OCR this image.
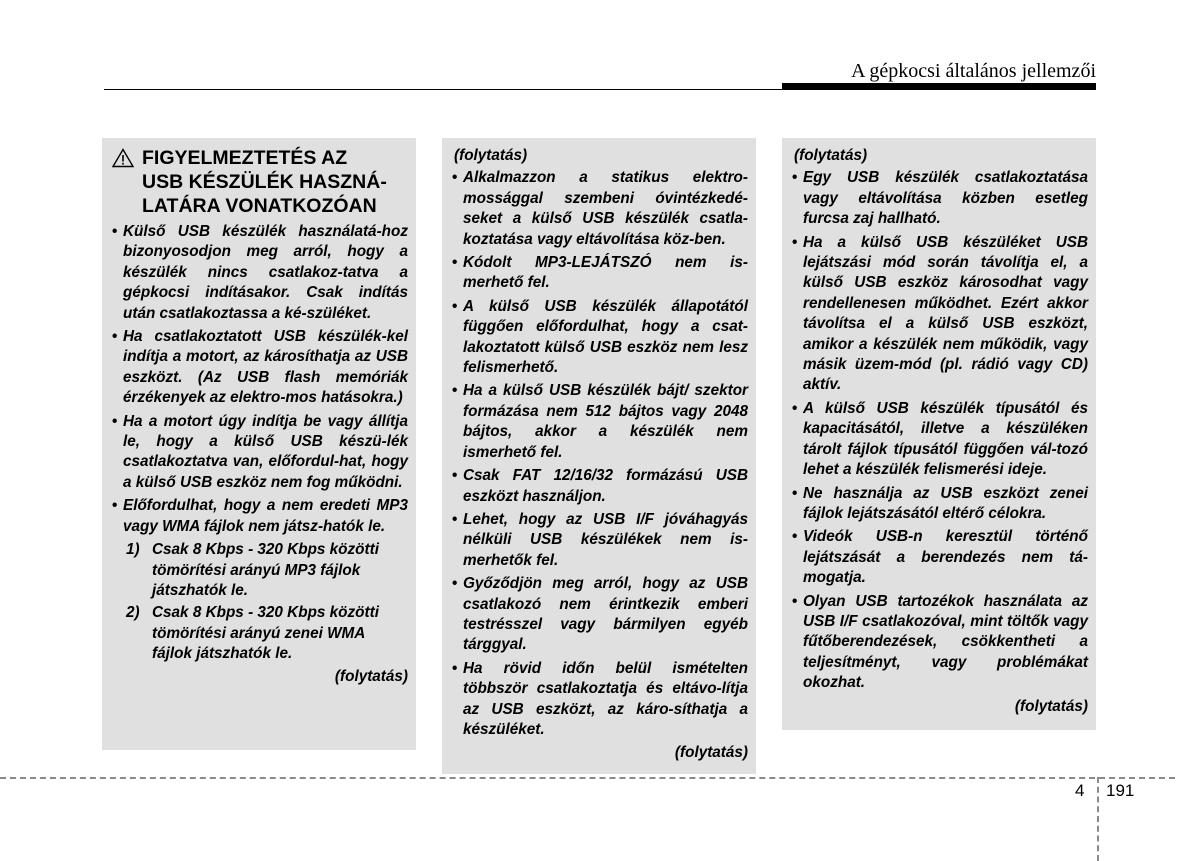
A gépkocsi általános jellemzői
FIGYELMEZTETÉS AZ
USB KÉSZÜLÉK HASZNÁ-
LATÁRA VONATKOZÓAN
• Külső USB készülék használatá-hoz bizonyosodjon meg arról, hogy a készülék nincs csatlakoz-tatva a gépkocsi indításakor. Csak indítás után csatlakoztassa a ké-szüléket.
• Ha csatlakoztatott USB készülék-kel indítja a motort, az károsíthatja az USB eszközt. (Az USB flash memóriák érzékenyek az elektro-mos hatásokra.)
• Ha a motort úgy indítja be vagy állítja le, hogy a külső USB készü-lék csatlakoztatva van, előfordul-hat, hogy a külső USB eszköz nem fog működni.
• Előfordulhat, hogy a nem eredeti MP3 vagy WMA fájlok nem játsz-hatók le.
1) Csak 8 Kbps - 320 Kbps közötti tömörítési arányú MP3 fájlok játszhatók le.
2) Csak 8 Kbps - 320 Kbps közötti tömörítési arányú zenei WMA fájlok játszhatók le.
(folytatás)
(folytatás)
• Alkalmazzon a statikus elektro-mossággal szembeni óvintézkedé-seket a külső USB készülék csatla-koztatása vagy eltávolítása köz-ben.
• Kódolt MP3-LEJÁTSZÓ nem is-merhető fel.
• A külső USB készülék állapotától függően előfordulhat, hogy a csat-lakoztatott külső USB eszköz nem lesz felismerhető.
• Ha a külső USB készülék bájt/ szektor formázása nem 512 bájtos vagy 2048 bájtos, akkor a készülék nem ismerhető fel.
• Csak FAT 12/16/32 formázású USB eszközt használjon.
• Lehet, hogy az USB I/F jóváhagyás nélküli USB készülékek nem is-merhetők fel.
• Győződjön meg arról, hogy az USB csatlakozó nem érintkezik emberi testrésszel vagy bármilyen egyéb tárggyal.
• Ha rövid időn belül ismételten többször csatlakoztatja és eltávo-lítja az USB eszközt, az káro-síthatja a készüléket.
(folytatás)
(folytatás)
• Egy USB készülék csatlakoztatása vagy eltávolítása közben esetleg furcsa zaj hallható.
• Ha a külső USB készüléket USB lejátszási mód során távolítja el, a külső USB eszköz károsodhat vagy rendellenesen működhet. Ezért akkor távolítsa el a külső USB eszközt, amikor a készülék nem működik, vagy másik üzem-mód (pl. rádió vagy CD) aktív.
• A külső USB készülék típusától és kapacitásától, illetve a készüléken tárolt fájlok típusától függően vál-tozó lehet a készülék felismerési ideje.
• Ne használja az USB eszközt zenei fájlok lejátszásától eltérő célokra.
• Videók USB-n keresztül történő lejátszását a berendezés nem tá-mogatja.
• Olyan USB tartozékok használata az USB I/F csatlakozóval, mint töltők vagy fűtőberendezések, csökkentheti a teljesítményt, vagy problémákat okozhat.
(folytatás)
4 191
